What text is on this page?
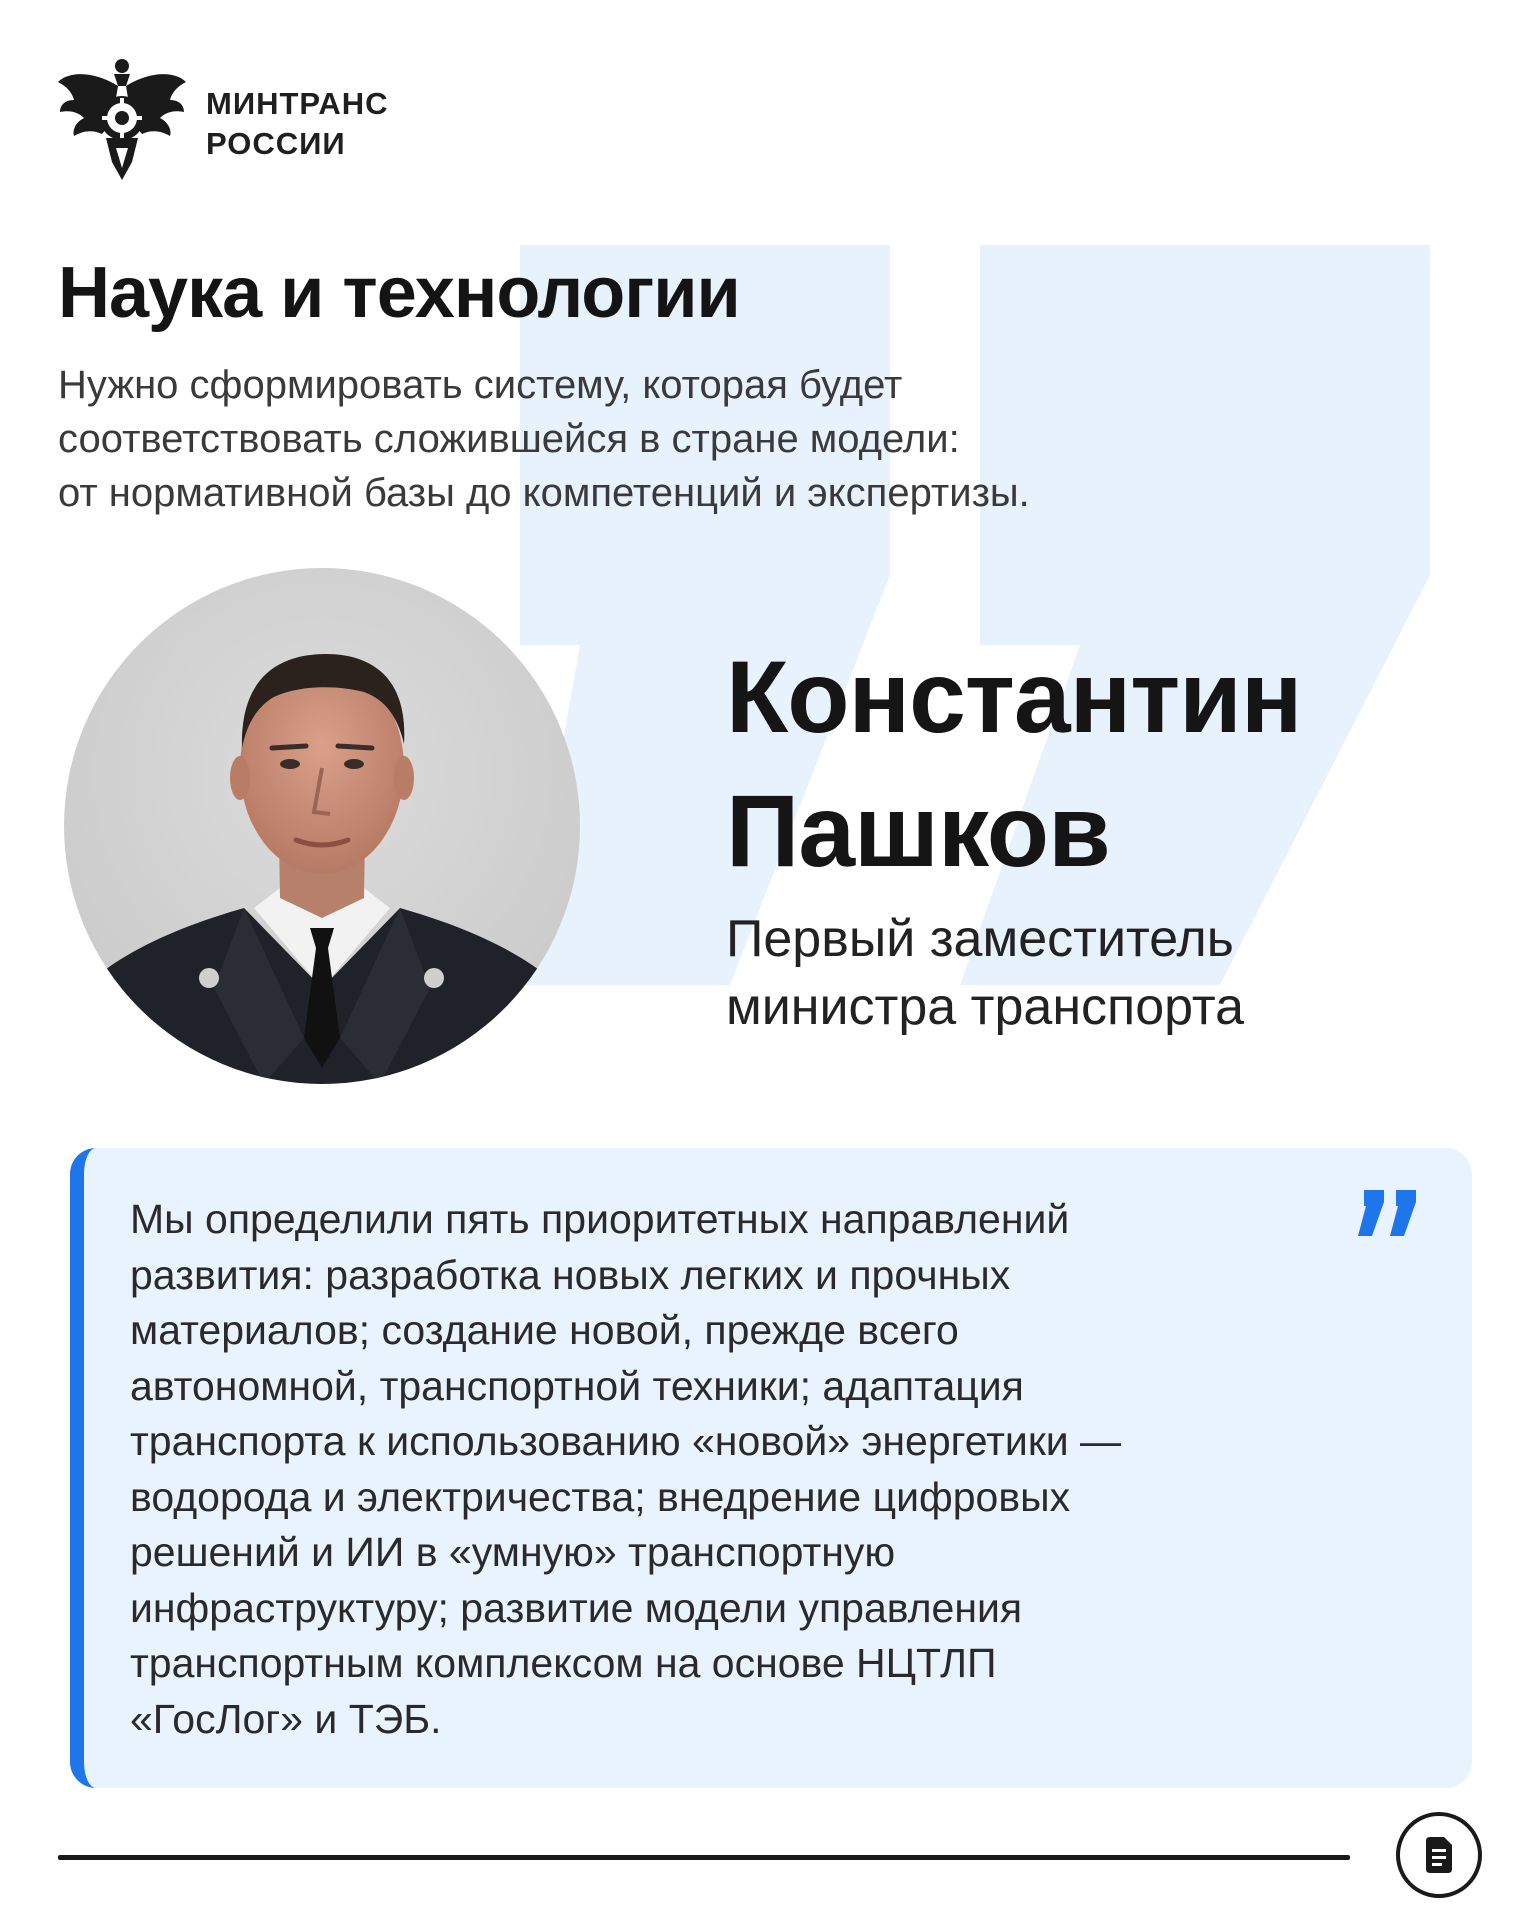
МИНТРАНС
РОССИИ
Наука и технологии
Нужно сформировать систему, которая будет
соответствовать сложившейся в стране модели:
от нормативной базы до компетенций и экспертизы.
Константин
Пашков
Первый заместитель
министра транспорта
Мы определили пять приоритетных направлений
развития: разработка новых легких и прочных
материалов; создание новой, прежде всего
автономной, транспортной техники; адаптация
транспорта к использованию «новой» энергетики —
водорода и электричества; внедрение цифровых
решений и ИИ в «умную» транспортную
инфраструктуру; развитие модели управления
транспортным комплексом на основе НЦТЛП
«ГосЛог» и ТЭБ.
